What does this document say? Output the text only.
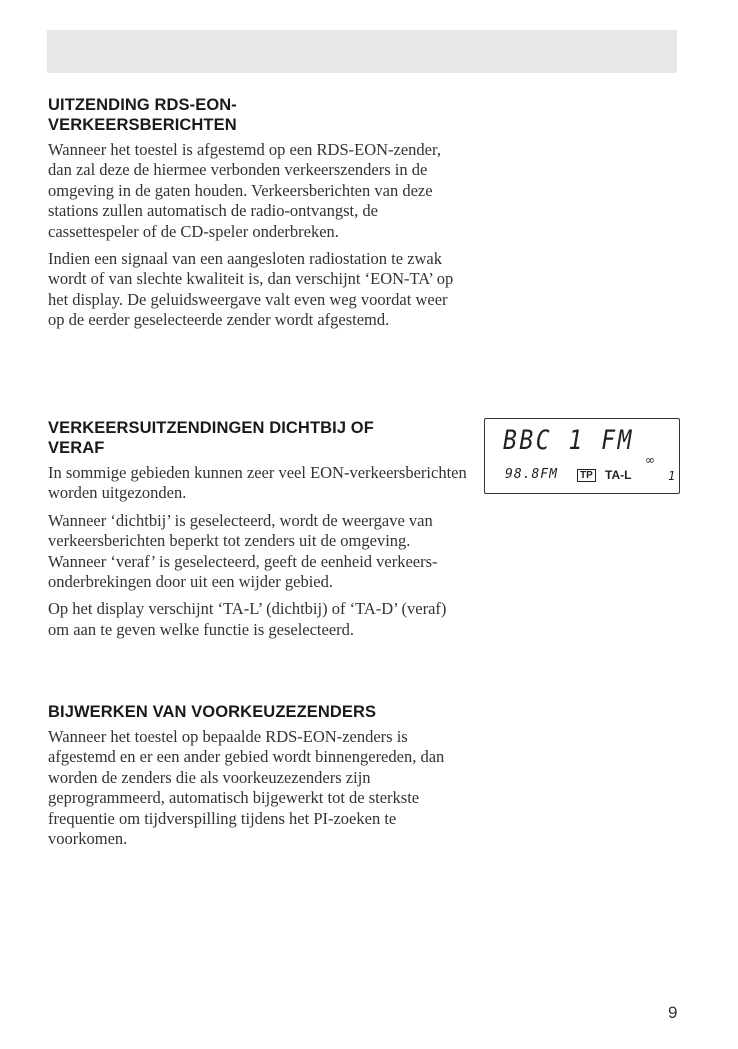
UITZENDING RDS-EON-
VERKEERSBERICHTEN

Wanneer het toestel is afgestemd op een RDS-EON-zender, dan zal deze de hiermee verbonden verkeerszenders in de omgeving in de gaten houden. Verkeersberichten van deze stations zullen automatisch de radio-ontvangst, de cassettespeler of de CD-speler onderbreken.

Indien een signaal van een aangesloten radiostation te zwak wordt of van slechte kwaliteit is, dan verschijnt ‘EON-TA’ op het display. De geluidsweergave valt even weg voordat weer op de eerder geselecteerde zender wordt afgestemd.

VERKEERSUITZENDINGEN DICHTBIJ OF
VERAF

In sommige gebieden kunnen zeer veel EON-verkeersberichten worden uitgezonden.

Wanneer ‘dichtbij’ is geselecteerd, wordt de weergave van verkeersberichten beperkt tot zenders uit de omgeving. Wanneer ‘veraf’ is geselecteerd, geeft de eenheid verkeers-onderbrekingen door uit een wijder gebied.

Op het display verschijnt ‘TA-L’ (dichtbij) of ‘TA-D’ (veraf) om aan te geven welke functie is geselecteerd.

BIJWERKEN VAN VOORKEUZEZENDERS

Wanneer het toestel op bepaalde RDS-EON-zenders is afgestemd en er een ander gebied wordt binnengereden, dan worden de zenders die als voorkeuzezenders zijn geprogrammeerd, automatisch bijgewerkt tot de sterkste frequentie om tijdverspilling tijdens het PI-zoeken te voorkomen.

BBC 1 FM
∞
98.8FM	TP TA-L	1
9
